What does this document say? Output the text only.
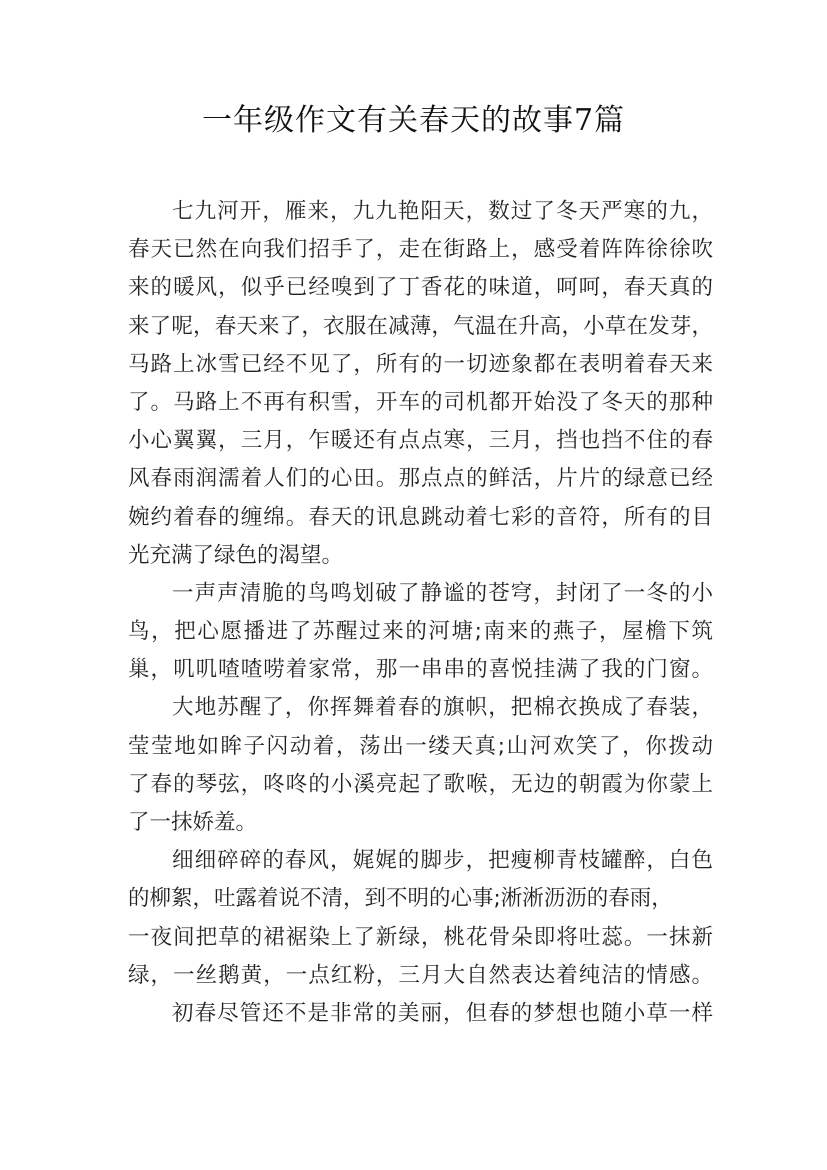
一年级作文有关春天的故事7篇
七九河开，雁来，九九艳阳天，数过了冬天严寒的九，
春天已然在向我们招手了，走在街路上，感受着阵阵徐徐吹
来的暖风，似乎已经嗅到了丁香花的味道，呵呵，春天真的
来了呢，春天来了，衣服在减薄，气温在升高，小草在发芽，
马路上冰雪已经不见了，所有的一切迹象都在表明着春天来
了。马路上不再有积雪，开车的司机都开始没了冬天的那种
小心翼翼，三月，乍暖还有点点寒，三月，挡也挡不住的春
风春雨润濡着人们的心田。那点点的鲜活，片片的绿意已经
婉约着春的缠绵。春天的讯息跳动着七彩的音符，所有的目
光充满了绿色的渴望。
一声声清脆的鸟鸣划破了静谧的苍穹，封闭了一冬的小
鸟，把心愿播进了苏醒过来的河塘;南来的燕子，屋檐下筑
巢，叽叽喳喳唠着家常，那一串串的喜悦挂满了我的门窗。
大地苏醒了，你挥舞着春的旗帜，把棉衣换成了春装，
莹莹地如眸子闪动着，荡出一缕天真;山河欢笑了，你拨动
了春的琴弦，咚咚的小溪亮起了歌喉，无边的朝霞为你蒙上
了一抹娇羞。
细细碎碎的春风，娓娓的脚步，把瘦柳青枝罐醉，白色
的柳絮，吐露着说不清，到不明的心事;淅淅沥沥的春雨，
一夜间把草的裙裾染上了新绿，桃花骨朵即将吐蕊。一抹新
绿，一丝鹅黄，一点红粉，三月大自然表达着纯洁的情感。
初春尽管还不是非常的美丽，但春的梦想也随小草一样
